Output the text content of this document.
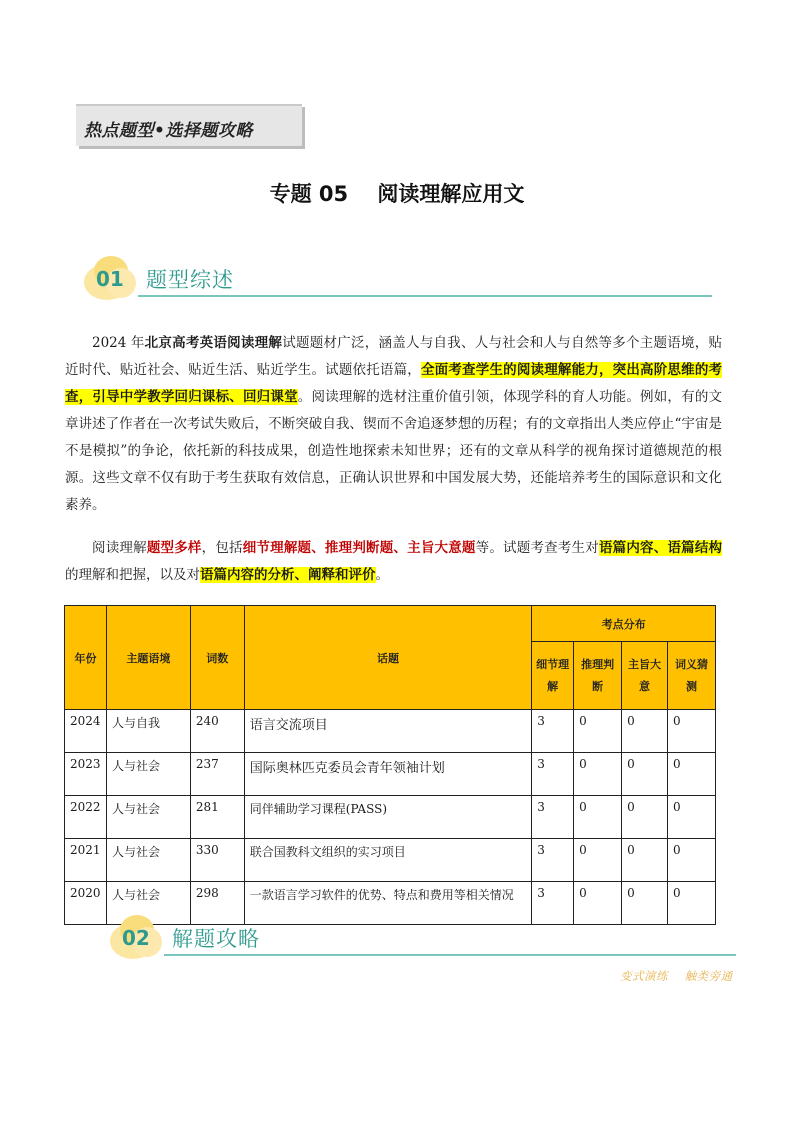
热点题型•选择题攻略
专题 05    阅读理解应用文
01 题型综述

2024 年北京高考英语阅读理解试题题材广泛，涵盖人与自我、人与社会和人与自然等多个主题语境，贴近时代、贴近社会、贴近生活、贴近学生。试题依托语篇，全面考查学生的阅读理解能力，突出高阶思维的考查，引导中学教学回归课标、回归课堂。阅读理解的选材注重价值引领，体现学科的育人功能。例如，有的文章讲述了作者在一次考试失败后，不断突破自我、锲而不舍追逐梦想的历程；有的文章指出人类应停止“宇宙是不是模拟”的争论，依托新的科技成果，创造性地探索未知世界；还有的文章从科学的视角探讨道德规范的根源。这些文章不仅有助于考生获取有效信息，正确认识世界和中国发展大势，还能培养考生的国际意识和文化素养。

阅读理解题型多样，包括细节理解题、推理判断题、主旨大意题等。试题考查考生对语篇内容、语篇结构的理解和把握，以及对语篇内容的分析、阐释和评价。

年份	主题语境	词数	话题	考点分布			
				细节理解	推理判断	主旨大意	词义猜测
2024	人与自我	240	语言交流项目	3	0	0	0
2023	人与社会	237	国际奥林匹克委员会青年领袖计划	3	0	0	0
2022	人与社会	281	同伴辅助学习课程(PASS)	3	0	0	0
2021	人与社会	330	联合国教科文组织的实习项目	3	0	0	0
2020	人与社会	298	一款语言学习软件的优势、特点和费用等相关情况	3	0	0	0
02 解题攻略
变式演练    触类旁通
